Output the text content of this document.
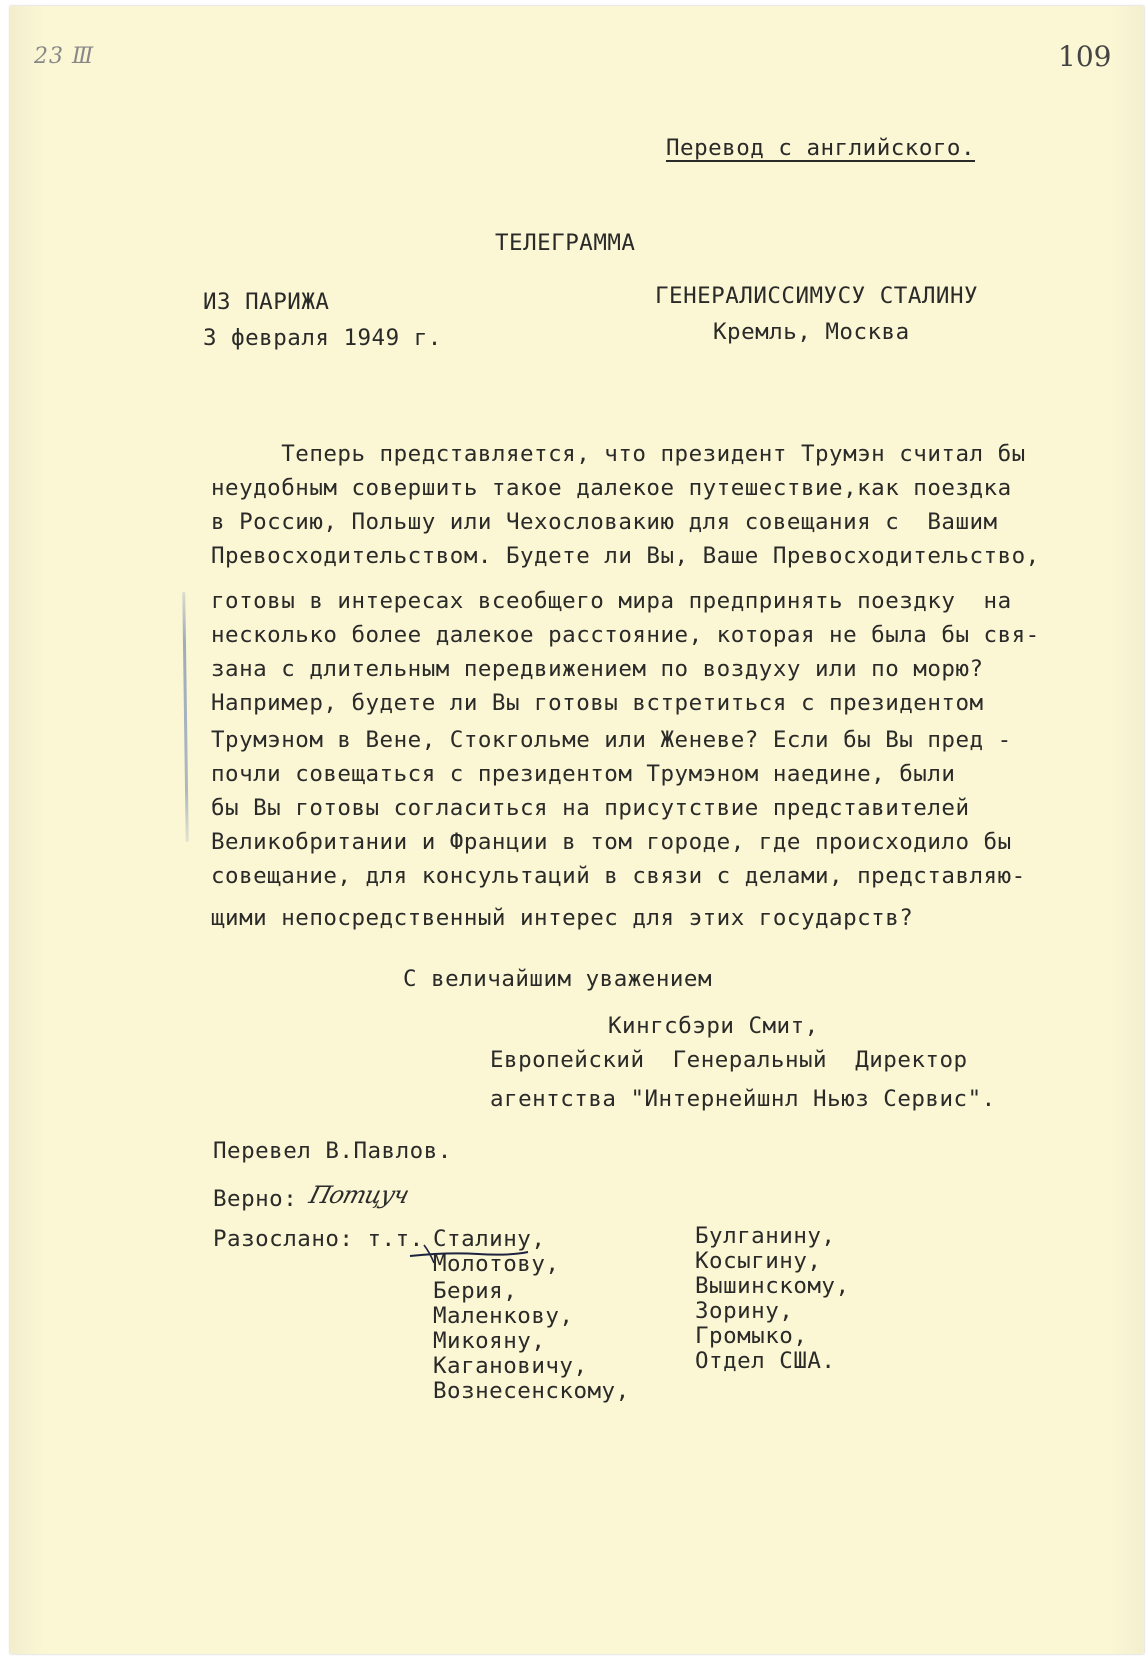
23 Ⅲ	109
Перевод с английского.
ТЕЛЕГРАММА
ИЗ ПАРИЖА
3 февраля 1949 г.
ГЕНЕРАЛИССИМУСУ СТАЛИНУ
Кремль, Москва
Теперь представляется, что президент Трумэн считал бы
неудобным совершить такое далекое путешествие,как поездка
в Россию, Польшу или Чехословакию для совещания с  Вашим
Превосходительством. Будете ли Вы, Ваше Превосходительство,
готовы в интересах всеобщего мира предпринять поездку  на
несколько более далекое расстояние, которая не была бы свя-
зана с длительным передвижением по воздуху или по морю?
Например, будете ли Вы готовы встретиться с президентом
Трумэном в Вене, Стокгольме или Женеве? Если бы Вы пред -
почли совещаться с президентом Трумэном наедине, были
бы Вы готовы согласиться на присутствие представителей
Великобритании и Франции в том городе, где происходило бы
совещание, для консультаций в связи с делами, представляю-
щими непосредственный интерес для этих государств?
С величайшим уважением
Кингсбэри Смит,
Европейский  Генеральный  Директор
агентства "Интернейшнл Ньюз Сервис".
Перевел В.Павлов.
Верно: Потцуч
Разослано: т.т. Сталину,
Молотову,
Берия,
Маленкову,
Микояну,
Кагановичу,
Вознесенскому,
Булганину,
Косыгину,
Вышинскому,
Зорину,
Громыко,
Отдел США.
